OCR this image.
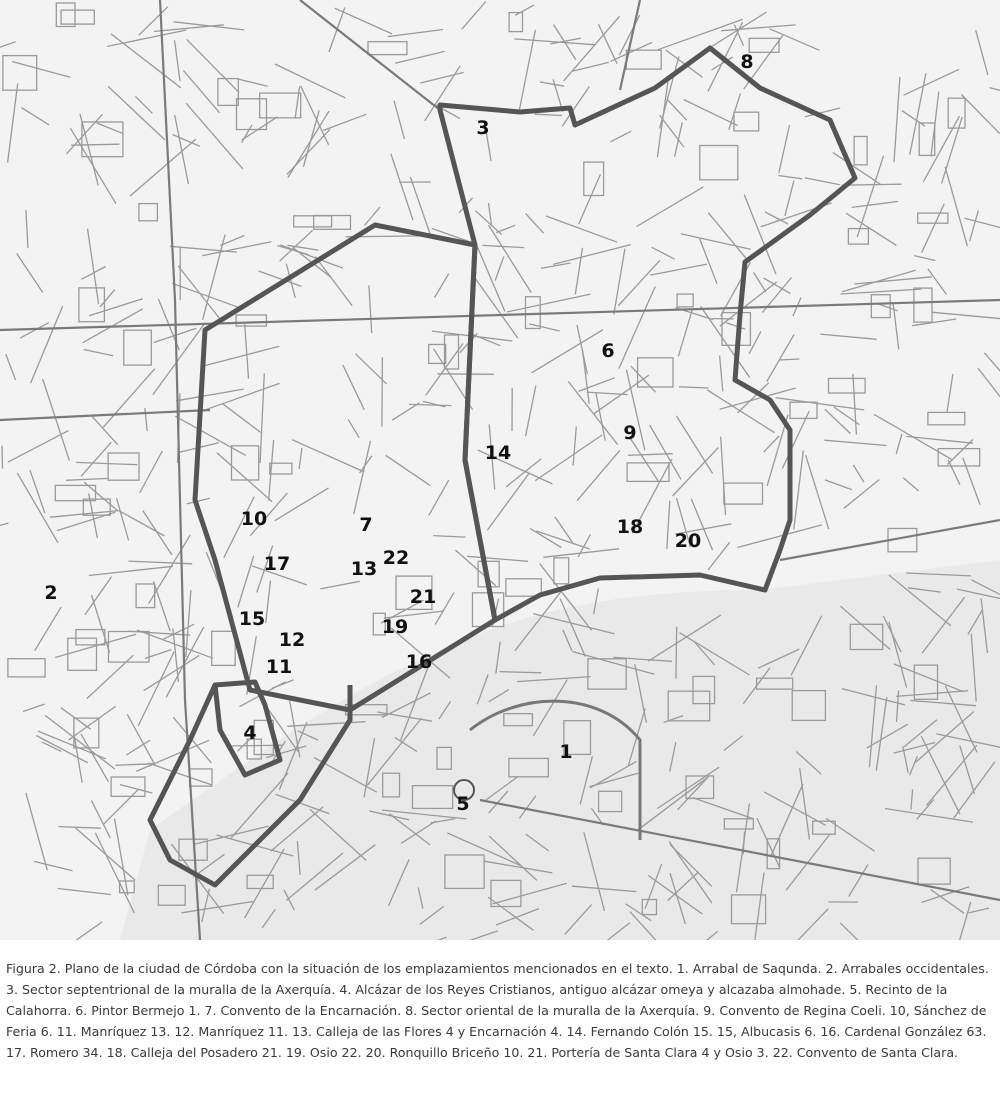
1
2
3
4
5
6
7
8
9
10
11
12
13
14
15
16
17
18
19
20
21
22

Figura 2. Plano de la ciudad de Córdoba con la situación de los emplazamientos mencionados en el texto. 1. Arrabal de Saqunda. 2. Arrabales occidentales. 3. Sector septentrional de la muralla de la Axerquía. 4. Alcázar de los Reyes Cristianos, antiguo alcázar omeya y alcazaba almohade. 5. Recinto de la Calahorra. 6. Pintor Bermejo 1. 7. Convento de la Encarnación. 8. Sector oriental de la muralla de la Axerquía. 9. Convento de Regina Coeli. 10, Sánchez de Feria 6. 11. Manríquez 13. 12. Manríquez 11. 13. Calleja de las Flores 4 y Encarnación 4. 14. Fernando Colón 15. 15, Albucasis 6. 16. Cardenal González 63. 17. Romero 34. 18. Calleja del Posadero 21. 19. Osio 22. 20. Ronquillo Briceño 10. 21. Portería de Santa Clara 4 y Osio 3. 22. Convento de Santa Clara.
